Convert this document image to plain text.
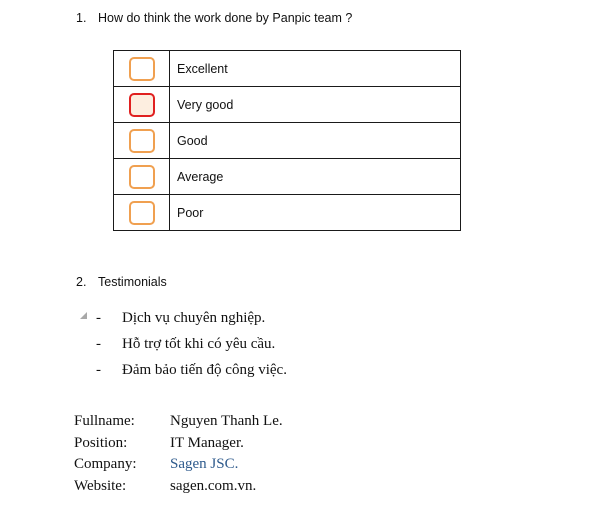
1. How do think the work done by Panpic team ?
	Excellent
	Very good
	Good
	Average
	Poor
2. Testimonials
- Dịch vụ chuyên nghiệp.
- Hỗ trợ tốt khi có yêu cầu.
- Đảm bảo tiến độ công việc.
Fullname: Nguyen Thanh Le.
Position:	IT Manager.
Company: Sagen JSC.
Website:	sagen.com.vn.
